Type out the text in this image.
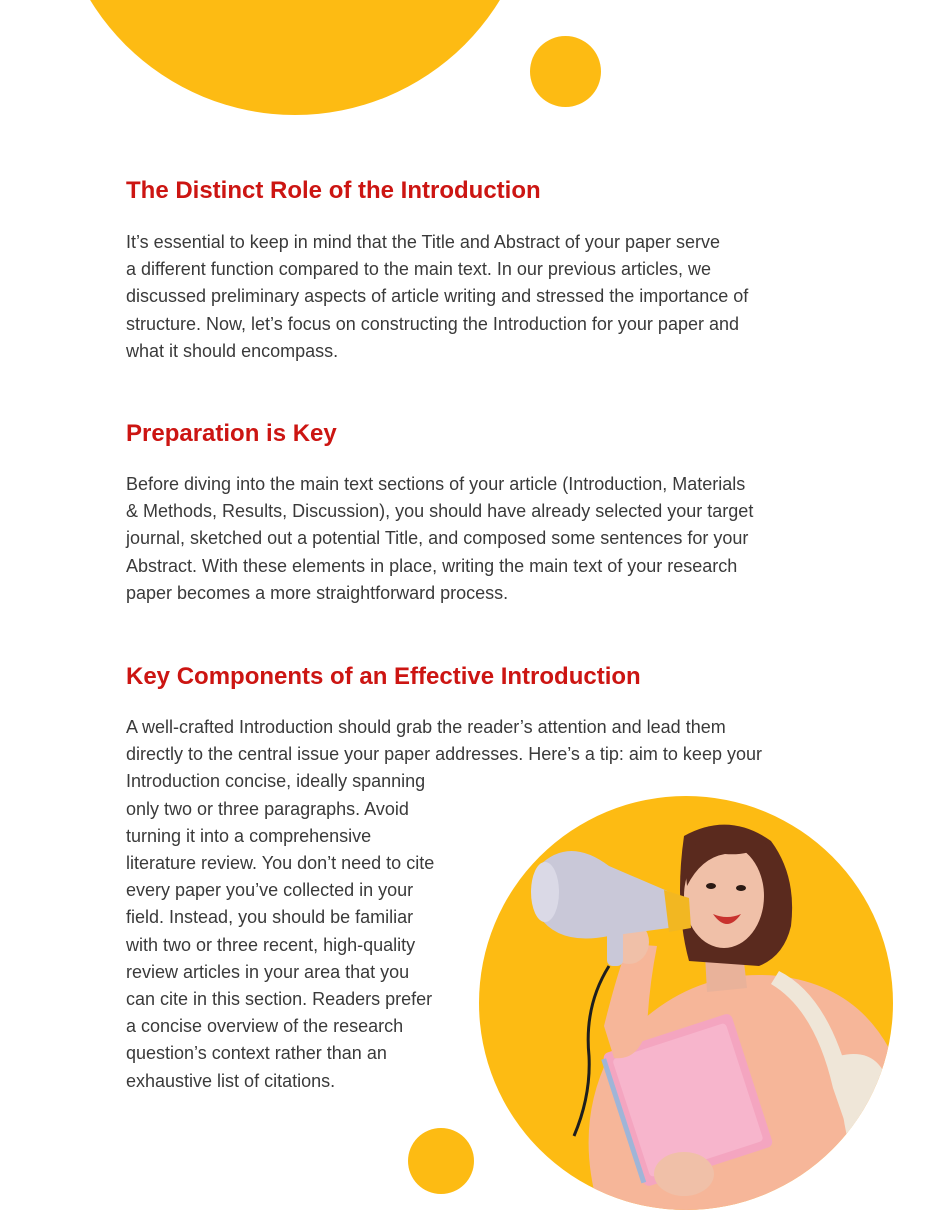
The Distinct Role of the Introduction

It’s essential to keep in mind that the Title and Abstract of your paper serve
a different function compared to the main text. In our previous articles, we
discussed preliminary aspects of article writing and stressed the importance of
structure. Now, let’s focus on constructing the Introduction for your paper and
what it should encompass.

Preparation is Key

Before diving into the main text sections of your article (Introduction, Materials
& Methods, Results, Discussion), you should have already selected your target
journal, sketched out a potential Title, and composed some sentences for your
Abstract. With these elements in place, writing the main text of your research
paper becomes a more straightforward process.

Key Components of an Effective Introduction

A well-crafted Introduction should grab the reader’s attention and lead them
directly to the central issue your paper addresses. Here’s a tip: aim to keep your
Introduction concise, ideally spanning
only two or three paragraphs. Avoid
turning it into a comprehensive
literature review. You don’t need to cite
every paper you’ve collected in your
field. Instead, you should be familiar
with two or three recent, high-quality
review articles in your area that you
can cite in this section. Readers prefer
a concise overview of the research
question’s context rather than an
exhaustive list of citations.
